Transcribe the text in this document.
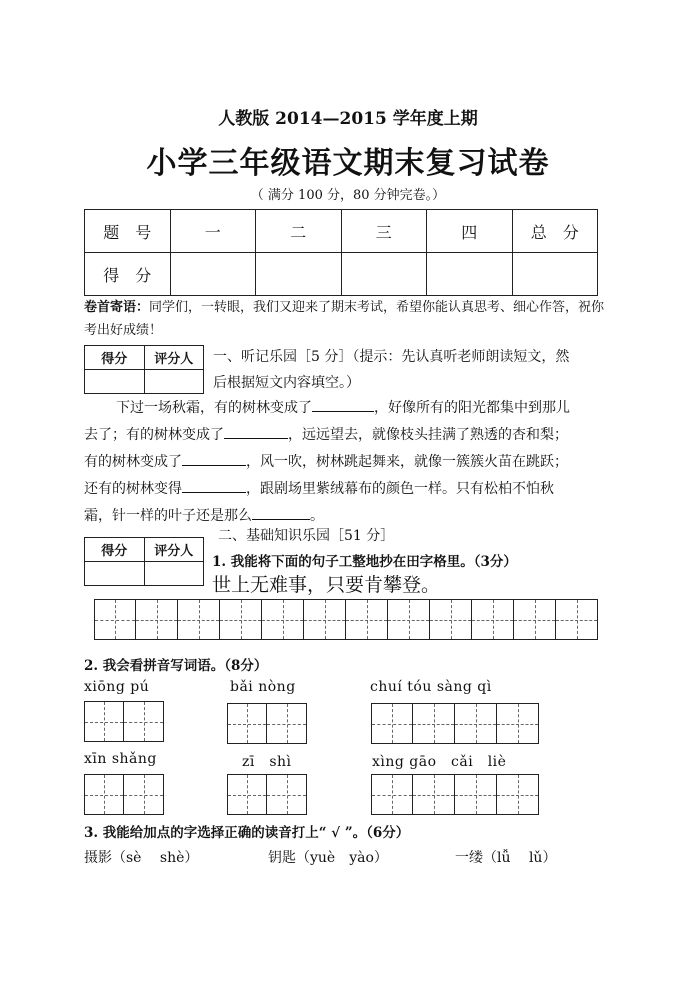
人教版 2014—2015 学年度上期
小学三年级语文期末复习试卷
（ 满分 100 分，80 分钟完卷。）
题　号	一	二	三	四	总　分
得　分					
卷首寄语：同学们，一转眼，我们又迎来了期末考试，希望你能认真思考、细心作答，祝你考出好成绩！
得分	评分人
	一、听记乐园［5 分］（提示：先认真听老师朗读短文，然
后根据短文内容填空。）
下过一场秋霜，有的树林变成了	，好像所有的阳光都集中到那儿
去了；有的树林变成了	，远远望去，就像枝头挂满了熟透的杏和梨；
有的树林变成了	，风一吹，树林跳起舞来，就像一簇簇火苗在跳跃；
还有的树林变得	，跟剧场里紫绒幕布的颜色一样。只有松柏不怕秋
霜，针一样的叶子还是那么	。
二、基础知识乐园［51 分］
得分	评分人

1. 我能将下面的句子工整地抄在田字格里。（3分）
世上无难事，只要肯攀登。
2. 我会看拼音写词语。（8分）
xiōng pú	bǎi nòng	chuí tóu sàng qì
xīn shǎng	zī　shì	xìng gāo　cǎi　liè
3. 我能给加点的字选择正确的读音打上“ √ ”。（6分）
摄影（sè　 shè）	钥匙（yuè　yào）	一缕（lǚ　 lǔ）
